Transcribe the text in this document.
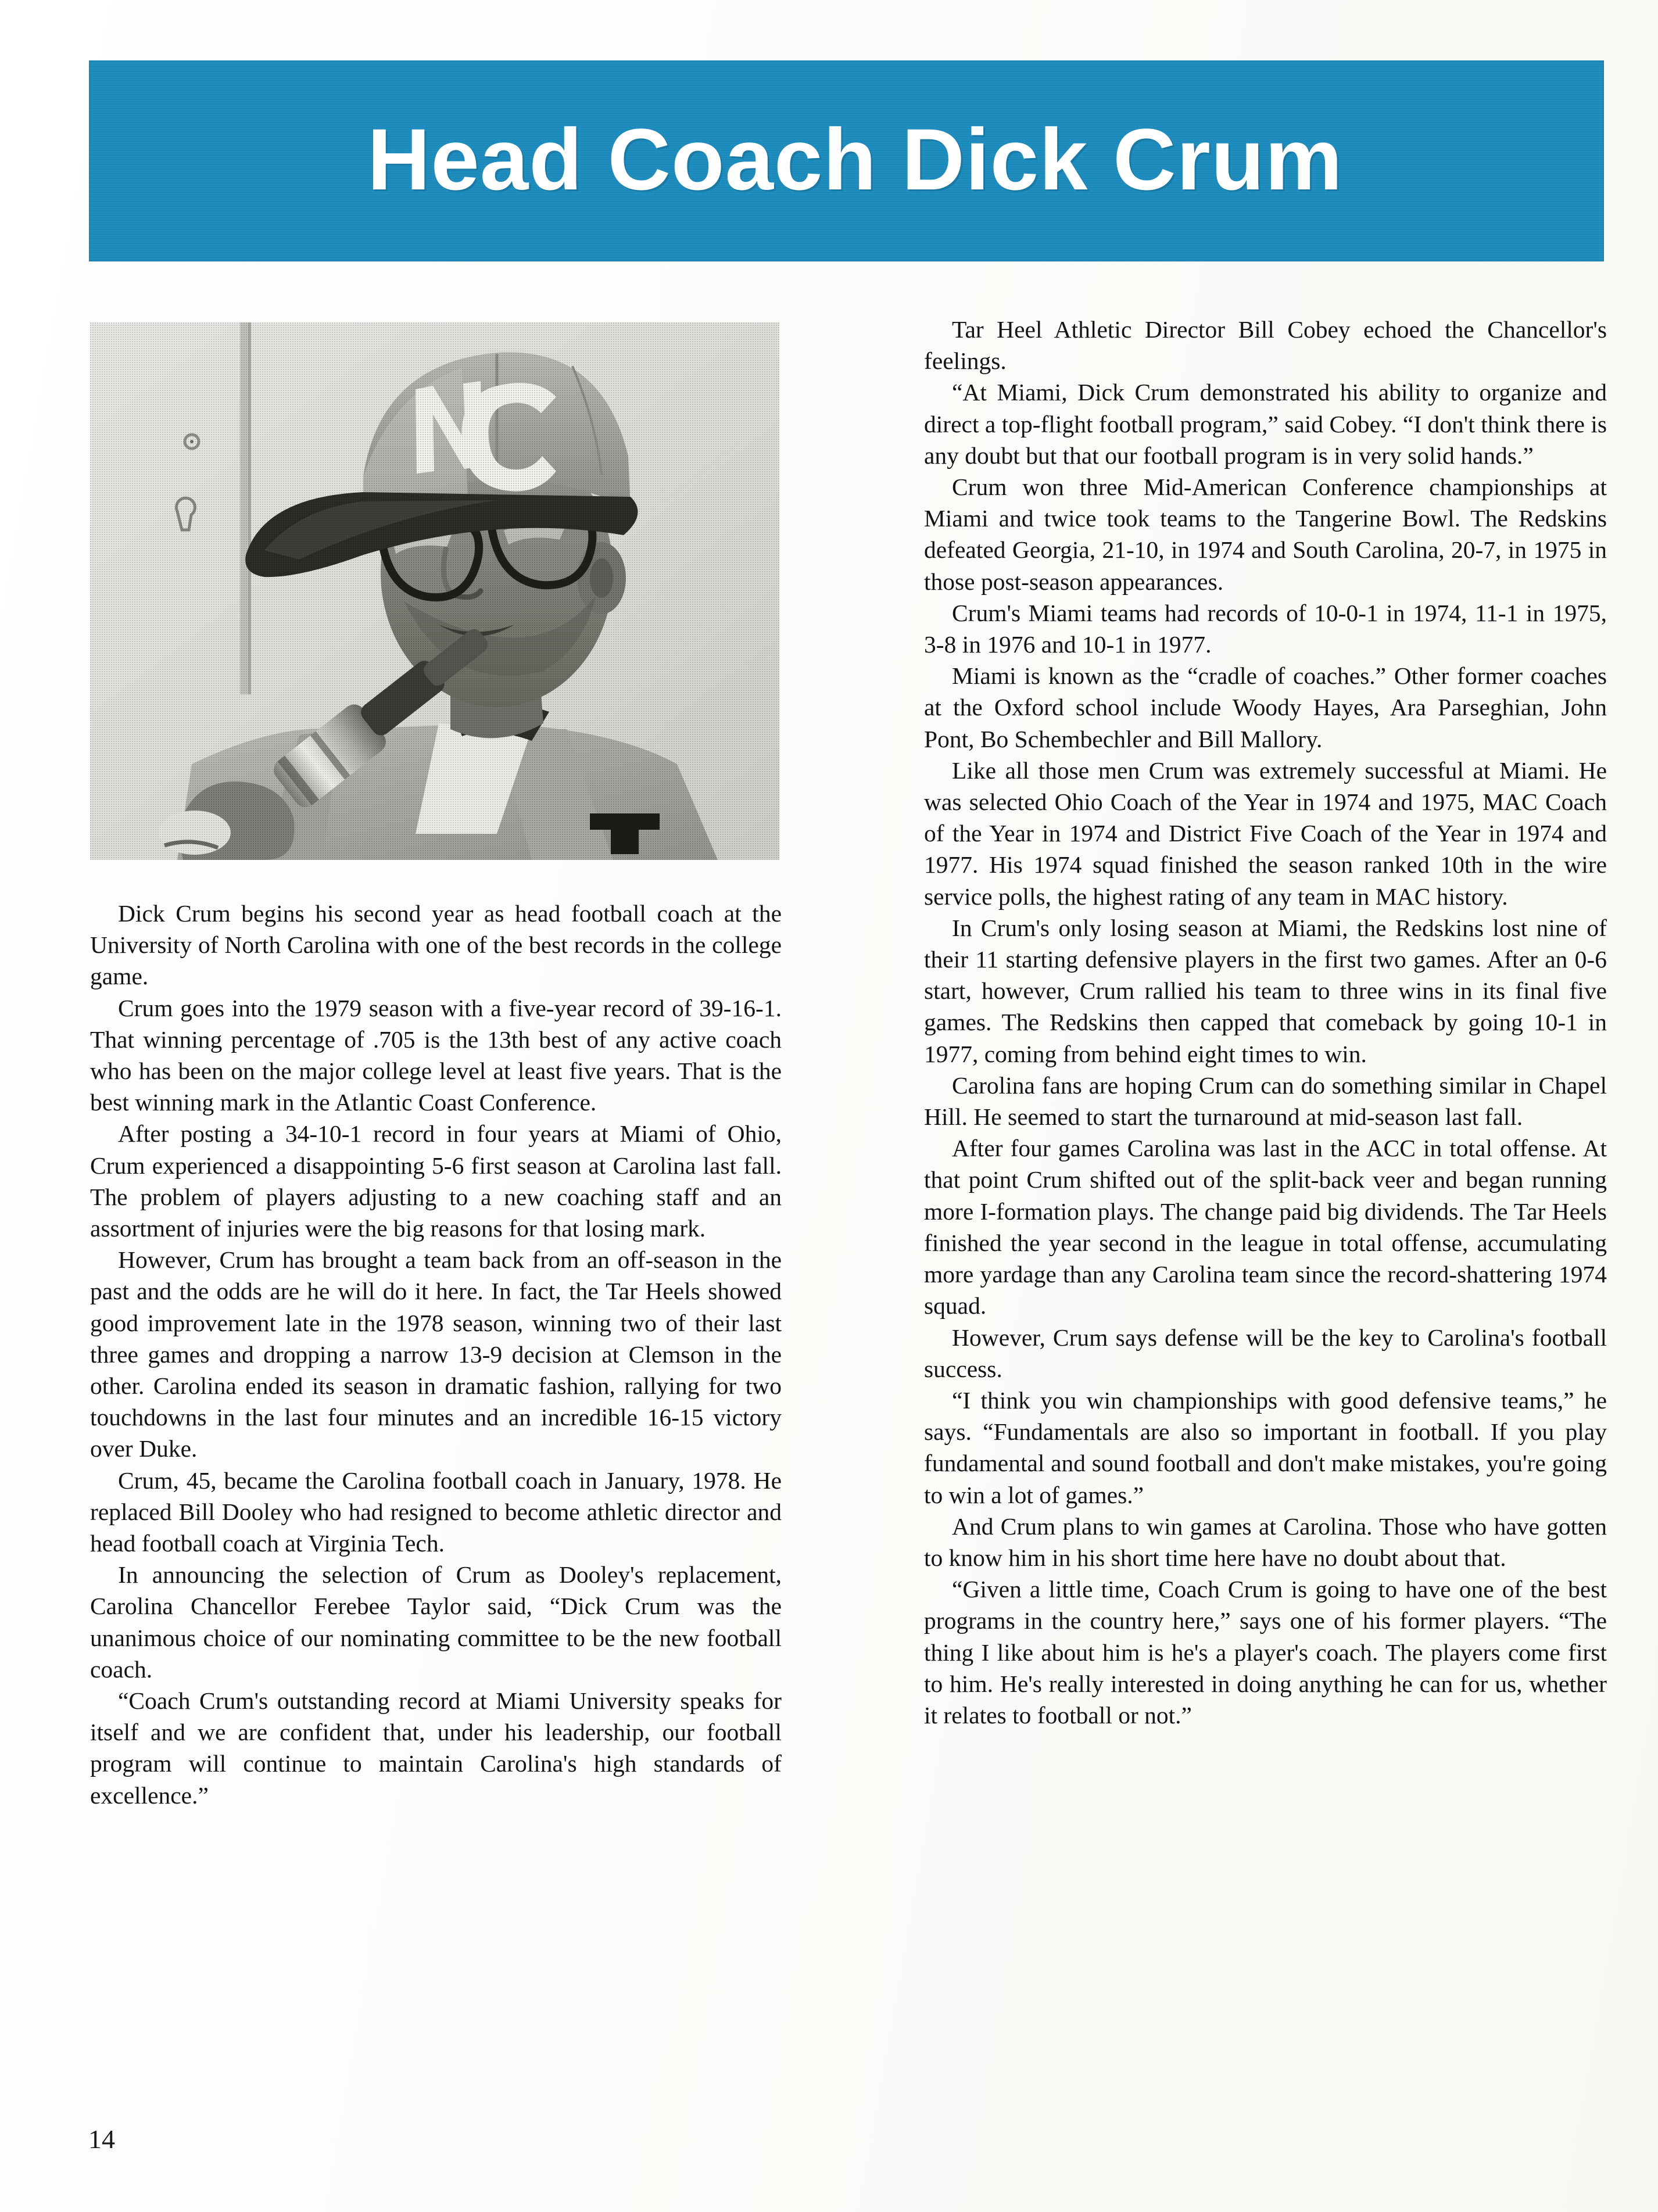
Head Coach Dick Crum

Dick Crum begins his second year as head football coach at the University of North Carolina with one of the best records in the college game.

Crum goes into the 1979 season with a five-year record of 39-16-1. That winning percentage of .705 is the 13th best of any active coach who has been on the major college level at least five years. That is the best winning mark in the Atlantic Coast Conference.

After posting a 34-10-1 record in four years at Miami of Ohio, Crum experienced a disappointing 5-6 first season at Carolina last fall. The problem of players adjusting to a new coaching staff and an assortment of injuries were the big reasons for that losing mark.

However, Crum has brought a team back from an off-season in the past and the odds are he will do it here. In fact, the Tar Heels showed good improvement late in the 1978 season, winning two of their last three games and dropping a narrow 13-9 decision at Clemson in the other. Carolina ended its season in dramatic fashion, rallying for two touchdowns in the last four minutes and an incredible 16-15 victory over Duke.

Crum, 45, became the Carolina football coach in January, 1978. He replaced Bill Dooley who had resigned to become athletic director and head football coach at Virginia Tech.

In announcing the selection of Crum as Dooley's replacement, Carolina Chancellor Ferebee Taylor said, “Dick Crum was the unanimous choice of our nominating committee to be the new football coach.

“Coach Crum's outstanding record at Miami University speaks for itself and we are confident that, under his leadership, our football program will continue to maintain Carolina's high standards of excellence.”

Tar Heel Athletic Director Bill Cobey echoed the Chancellor's feelings.

“At Miami, Dick Crum demonstrated his ability to organize and direct a top-flight football program,” said Cobey. “I don't think there is any doubt but that our football program is in very solid hands.”

Crum won three Mid-American Conference championships at Miami and twice took teams to the Tangerine Bowl. The Redskins defeated Georgia, 21-10, in 1974 and South Carolina, 20-7, in 1975 in those post-season appearances.

Crum's Miami teams had records of 10-0-1 in 1974, 11-1 in 1975, 3-8 in 1976 and 10-1 in 1977.

Miami is known as the “cradle of coaches.” Other former coaches at the Oxford school include Woody Hayes, Ara Parseghian, John Pont, Bo Schembechler and Bill Mallory.

Like all those men Crum was extremely successful at Miami. He was selected Ohio Coach of the Year in 1974 and 1975, MAC Coach of the Year in 1974 and District Five Coach of the Year in 1974 and 1977. His 1974 squad finished the season ranked 10th in the wire service polls, the highest rating of any team in MAC history.

In Crum's only losing season at Miami, the Redskins lost nine of their 11 starting defensive players in the first two games. After an 0-6 start, however, Crum rallied his team to three wins in its final five games. The Redskins then capped that comeback by going 10-1 in 1977, coming from behind eight times to win.

Carolina fans are hoping Crum can do something similar in Chapel Hill. He seemed to start the turnaround at mid-season last fall.

After four games Carolina was last in the ACC in total offense. At that point Crum shifted out of the split-back veer and began running more I-formation plays. The change paid big dividends. The Tar Heels finished the year second in the league in total offense, accumulating more yardage than any Carolina team since the record-shattering 1974 squad.

However, Crum says defense will be the key to Carolina's football success.

“I think you win championships with good defensive teams,” he says. “Fundamentals are also so important in football. If you play fundamental and sound football and don't make mistakes, you're going to win a lot of games.”

And Crum plans to win games at Carolina. Those who have gotten to know him in his short time here have no doubt about that.

“Given a little time, Coach Crum is going to have one of the best programs in the country here,” says one of his former players. “The thing I like about him is he's a player's coach. The players come first to him. He's really interested in doing anything he can for us, whether it relates to football or not.”

14
